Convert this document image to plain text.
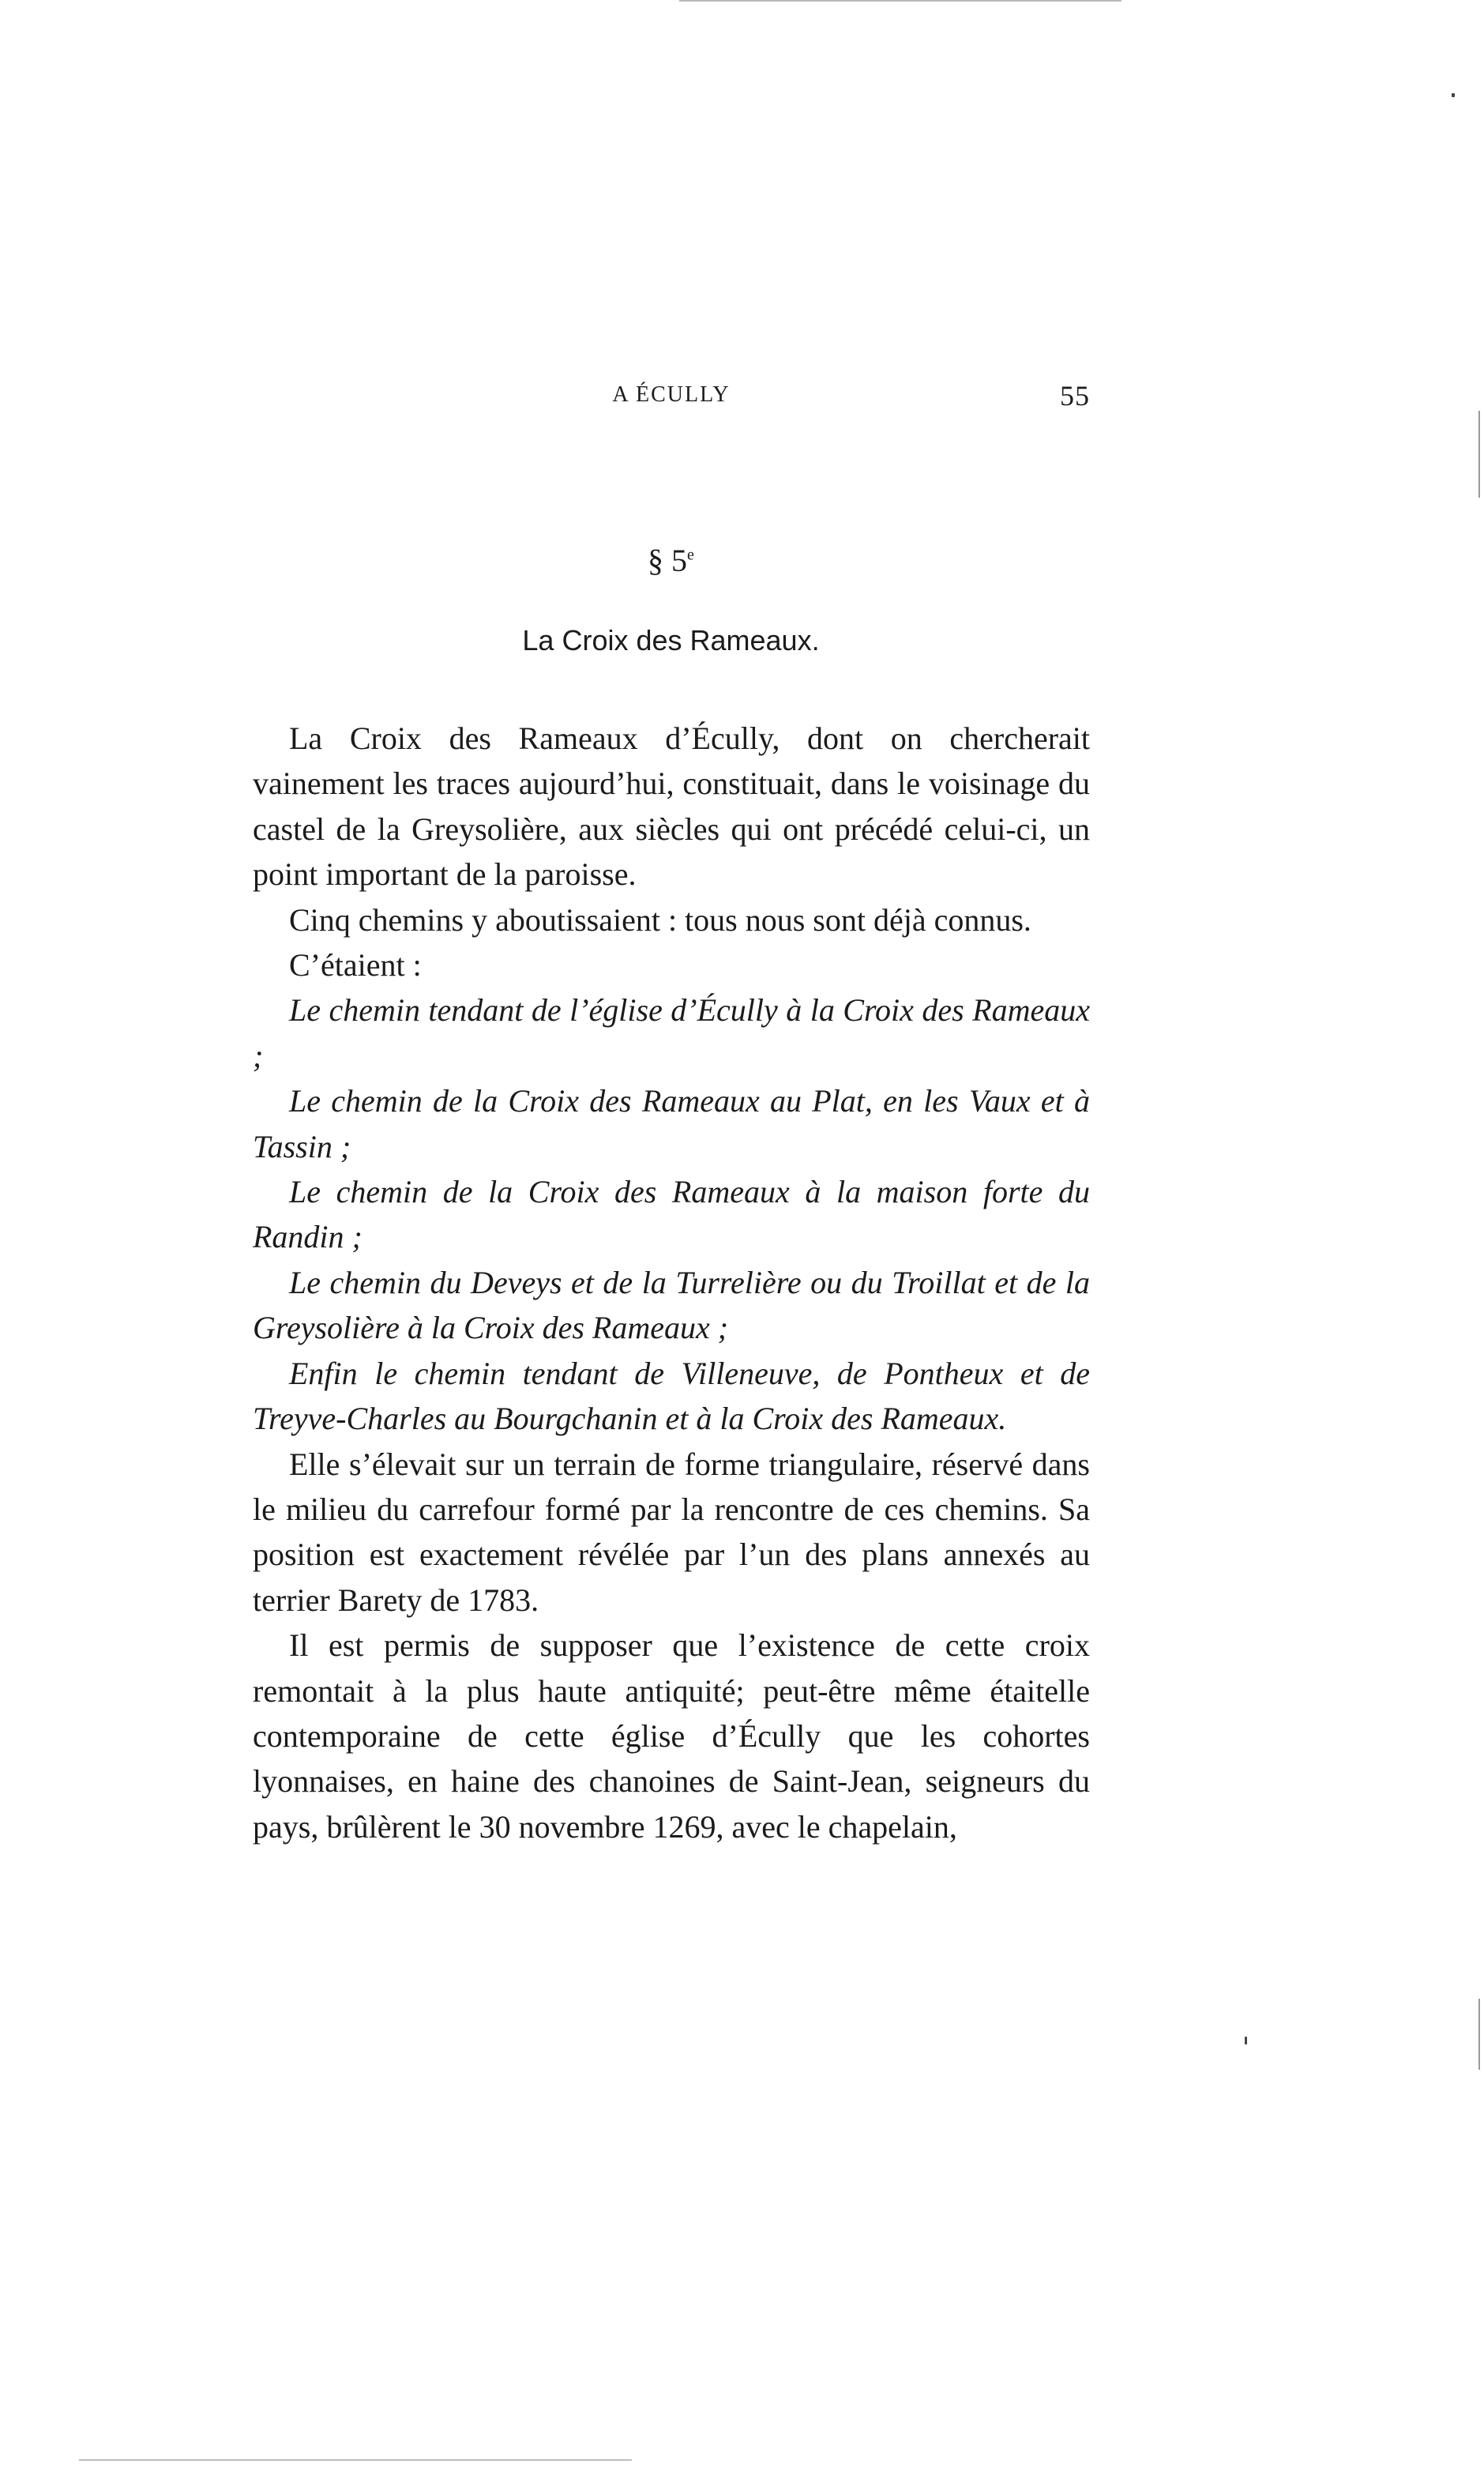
A ÉCULLY	55
§ 5e
La Croix des Rameaux.

La Croix des Rameaux d’Écully, dont on chercherait vainement les traces aujourd’hui, constituait, dans le voisinage du castel de la Greysolière, aux siècles qui ont précédé celui-ci, un point important de la paroisse.

Cinq chemins y aboutissaient : tous nous sont déjà connus.

C’étaient :

Le chemin tendant de l’église d’Écully à la Croix des Rameaux ;

Le chemin de la Croix des Rameaux au Plat, en les Vaux et à Tassin ;

Le chemin de la Croix des Rameaux à la maison forte du Randin ;

Le chemin du Deveys et de la Turrelière ou du Troillat et de la Greysolière à la Croix des Rameaux ;

Enfin le chemin tendant de Villeneuve, de Pontheux et de Treyve-Charles au Bourgchanin et à la Croix des Rameaux.

Elle s’élevait sur un terrain de forme triangulaire, réservé dans le milieu du carrefour formé par la rencontre de ces chemins. Sa position est exactement révélée par l’un des plans annexés au terrier Barety de 1783.

Il est permis de supposer que l’existence de cette croix remontait à la plus haute antiquité; peut-être même étaitelle contemporaine de cette église d’Écully que les cohortes lyonnaises, en haine des chanoines de Saint-Jean, seigneurs du pays, brûlèrent le 30 novembre 1269, avec le chapelain,
